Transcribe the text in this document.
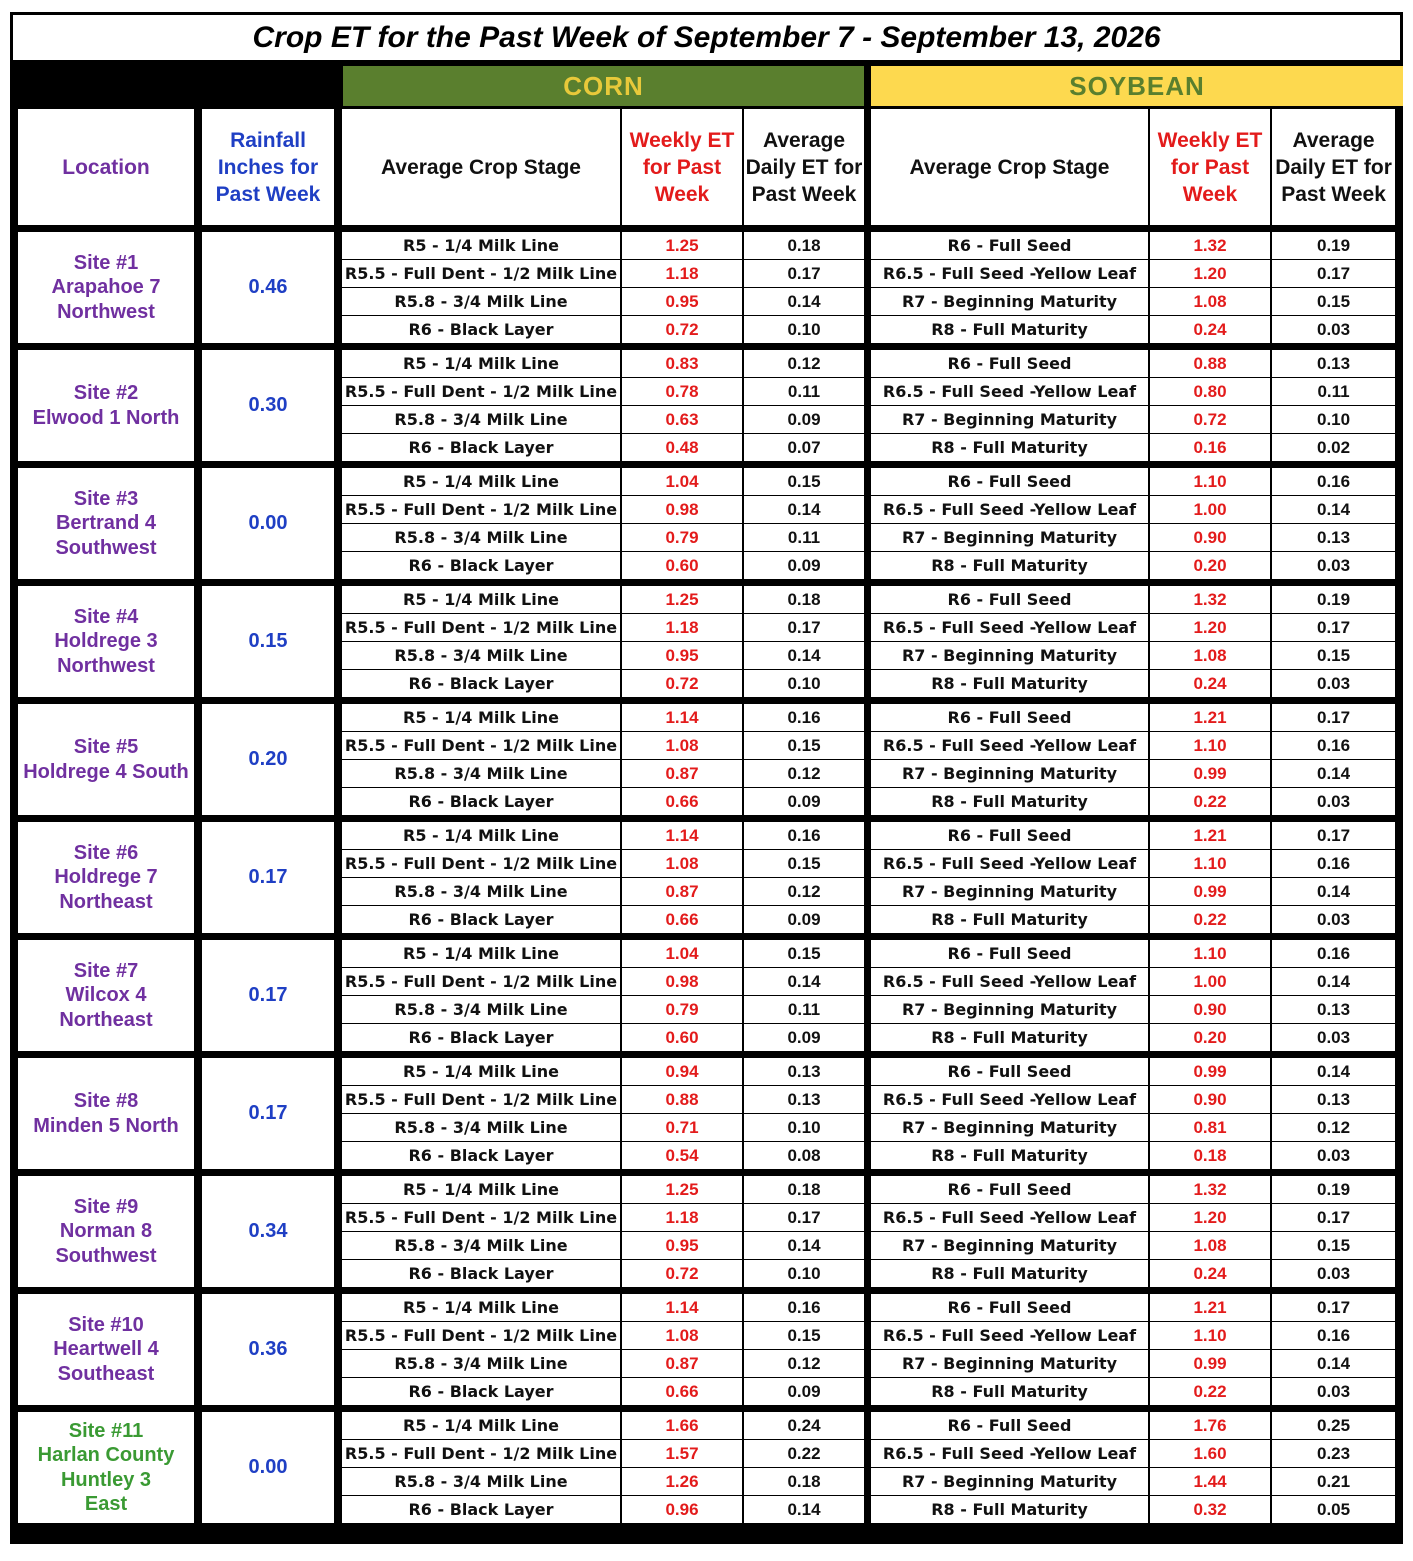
Crop ET for the Past Week of September 7 - September 13, 2026							

		CORN			SOYBEAN		
Location	Rainfall Inches for Past Week	Average Crop Stage	Weekly ET for Past Week	Average Daily ET for Past Week	Average Crop Stage	Weekly ET for Past Week	Average Daily ET for Past Week

Site #1
Arapahoe 7
Northwest	0.46	R5 - 1/4 Milk Line	1.25	0.18	R6 - Full Seed	1.32	0.19
		R5.5 - Full Dent - 1/2 Milk Line	1.18	0.17	R6.5 - Full Seed -Yellow Leaf	1.20	0.17
		R5.8 - 3/4 Milk Line	0.95	0.14	R7 - Beginning Maturity	1.08	0.15
		R6 - Black Layer	0.72	0.10	R8 - Full Maturity	0.24	0.03

Site #2
Elwood 1 North	0.30	R5 - 1/4 Milk Line	0.83	0.12	R6 - Full Seed	0.88	0.13
		R5.5 - Full Dent - 1/2 Milk Line	0.78	0.11	R6.5 - Full Seed -Yellow Leaf	0.80	0.11
		R5.8 - 3/4 Milk Line	0.63	0.09	R7 - Beginning Maturity	0.72	0.10
		R6 - Black Layer	0.48	0.07	R8 - Full Maturity	0.16	0.02

Site #3
Bertrand 4
Southwest	0.00	R5 - 1/4 Milk Line	1.04	0.15	R6 - Full Seed	1.10	0.16
		R5.5 - Full Dent - 1/2 Milk Line	0.98	0.14	R6.5 - Full Seed -Yellow Leaf	1.00	0.14
		R5.8 - 3/4 Milk Line	0.79	0.11	R7 - Beginning Maturity	0.90	0.13
		R6 - Black Layer	0.60	0.09	R8 - Full Maturity	0.20	0.03

Site #4
Holdrege 3
Northwest	0.15	R5 - 1/4 Milk Line	1.25	0.18	R6 - Full Seed	1.32	0.19
		R5.5 - Full Dent - 1/2 Milk Line	1.18	0.17	R6.5 - Full Seed -Yellow Leaf	1.20	0.17
		R5.8 - 3/4 Milk Line	0.95	0.14	R7 - Beginning Maturity	1.08	0.15
		R6 - Black Layer	0.72	0.10	R8 - Full Maturity	0.24	0.03

Site #5
Holdrege 4 South	0.20	R5 - 1/4 Milk Line	1.14	0.16	R6 - Full Seed	1.21	0.17
		R5.5 - Full Dent - 1/2 Milk Line	1.08	0.15	R6.5 - Full Seed -Yellow Leaf	1.10	0.16
		R5.8 - 3/4 Milk Line	0.87	0.12	R7 - Beginning Maturity	0.99	0.14
		R6 - Black Layer	0.66	0.09	R8 - Full Maturity	0.22	0.03

Site #6
Holdrege 7
Northeast	0.17	R5 - 1/4 Milk Line	1.14	0.16	R6 - Full Seed	1.21	0.17
		R5.5 - Full Dent - 1/2 Milk Line	1.08	0.15	R6.5 - Full Seed -Yellow Leaf	1.10	0.16
		R5.8 - 3/4 Milk Line	0.87	0.12	R7 - Beginning Maturity	0.99	0.14
		R6 - Black Layer	0.66	0.09	R8 - Full Maturity	0.22	0.03

Site #7
Wilcox 4
Northeast	0.17	R5 - 1/4 Milk Line	1.04	0.15	R6 - Full Seed	1.10	0.16
		R5.5 - Full Dent - 1/2 Milk Line	0.98	0.14	R6.5 - Full Seed -Yellow Leaf	1.00	0.14
		R5.8 - 3/4 Milk Line	0.79	0.11	R7 - Beginning Maturity	0.90	0.13
		R6 - Black Layer	0.60	0.09	R8 - Full Maturity	0.20	0.03

Site #8
Minden 5 North	0.17	R5 - 1/4 Milk Line	0.94	0.13	R6 - Full Seed	0.99	0.14
		R5.5 - Full Dent - 1/2 Milk Line	0.88	0.13	R6.5 - Full Seed -Yellow Leaf	0.90	0.13
		R5.8 - 3/4 Milk Line	0.71	0.10	R7 - Beginning Maturity	0.81	0.12
		R6 - Black Layer	0.54	0.08	R8 - Full Maturity	0.18	0.03

Site #9
Norman 8
Southwest	0.34	R5 - 1/4 Milk Line	1.25	0.18	R6 - Full Seed	1.32	0.19
		R5.5 - Full Dent - 1/2 Milk Line	1.18	0.17	R6.5 - Full Seed -Yellow Leaf	1.20	0.17
		R5.8 - 3/4 Milk Line	0.95	0.14	R7 - Beginning Maturity	1.08	0.15
		R6 - Black Layer	0.72	0.10	R8 - Full Maturity	0.24	0.03

Site #10
Heartwell 4
Southeast	0.36	R5 - 1/4 Milk Line	1.14	0.16	R6 - Full Seed	1.21	0.17
		R5.5 - Full Dent - 1/2 Milk Line	1.08	0.15	R6.5 - Full Seed -Yellow Leaf	1.10	0.16
		R5.8 - 3/4 Milk Line	0.87	0.12	R7 - Beginning Maturity	0.99	0.14
		R6 - Black Layer	0.66	0.09	R8 - Full Maturity	0.22	0.03

Site #11
Harlan County
Huntley 3
East	0.00	R5 - 1/4 Milk Line	1.66	0.24	R6 - Full Seed	1.76	0.25
		R5.5 - Full Dent - 1/2 Milk Line	1.57	0.22	R6.5 - Full Seed -Yellow Leaf	1.60	0.23
		R5.8 - 3/4 Milk Line	1.26	0.18	R7 - Beginning Maturity	1.44	0.21
		R6 - Black Layer	0.96	0.14	R8 - Full Maturity	0.32	0.05
